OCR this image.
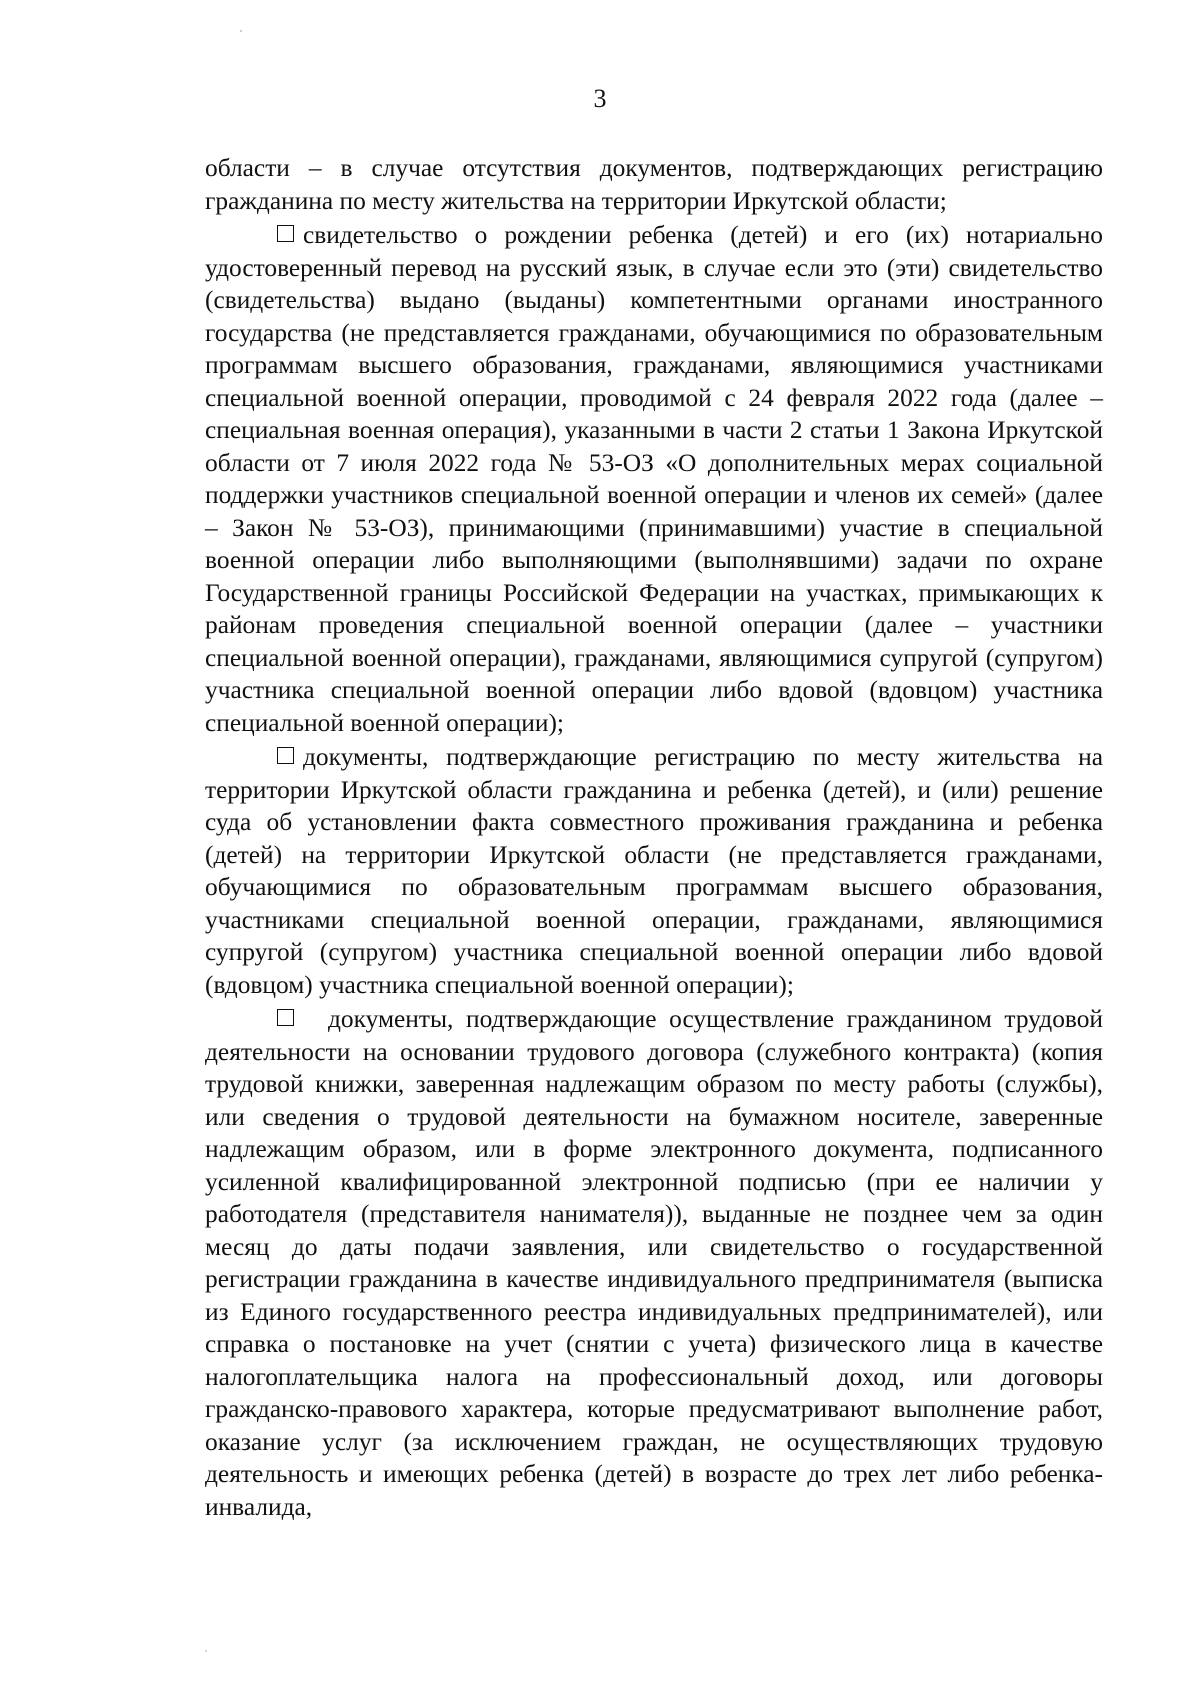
3

области – в случае отсутствия документов, подтверждающих регистрацию гражданина по месту жительства на территории Иркутской области;

свидетельство о рождении ребенка (детей) и его (их) нотариально удостоверенный перевод на русский язык, в случае если это (эти) свидетельство (свидетельства) выдано (выданы) компетентными органами иностранного государства (не представляется гражданами, обучающимися по образовательным программам высшего образования, гражданами, являющимися участниками специальной военной операции, проводимой с 24 февраля 2022 года (далее – специальная военная операция), указанными в части 2 статьи 1 Закона Иркутской области от 7 июля 2022 года № 53-ОЗ «О дополнительных мерах социальной поддержки участников специальной военной операции и членов их семей» (далее – Закон № 53-ОЗ), принимающими (принимавшими) участие в специальной военной операции либо выполняющими (выполнявшими) задачи по охране Государственной границы Российской Федерации на участках, примыкающих к районам проведения специальной военной операции (далее – участники специальной военной операции), гражданами, являющимися супругой (супругом) участника специальной военной операции либо вдовой (вдовцом) участника специальной военной операции);

документы, подтверждающие регистрацию по месту жительства на территории Иркутской области гражданина и ребенка (детей), и (или) решение суда об установлении факта совместного проживания гражданина и ребенка (детей) на территории Иркутской области (не представляется гражданами, обучающимися по образовательным программам высшего образования, участниками специальной военной операции, гражданами, являющимися супругой (супругом) участника специальной военной операции либо вдовой (вдовцом) участника специальной военной операции);

документы, подтверждающие осуществление гражданином трудовой деятельности на основании трудового договора (служебного контракта) (копия трудовой книжки, заверенная надлежащим образом по месту работы (службы), или сведения о трудовой деятельности на бумажном носителе, заверенные надлежащим образом, или в форме электронного документа, подписанного усиленной квалифицированной электронной подписью (при ее наличии у работодателя (представителя нанимателя)), выданные не позднее чем за один месяц до даты подачи заявления, или свидетельство о государственной регистрации гражданина в качестве индивидуального предпринимателя (выписка из Единого государственного реестра индивидуальных предпринимателей), или справка о постановке на учет (снятии с учета) физического лица в качестве налогоплательщика налога на профессиональный доход, или договоры гражданско-правового характера, которые предусматривают выполнение работ, оказание услуг (за исключением граждан, не осуществляющих трудовую деятельность и имеющих ребенка (детей) в возрасте до трех лет либо ребенка-инвалида,
